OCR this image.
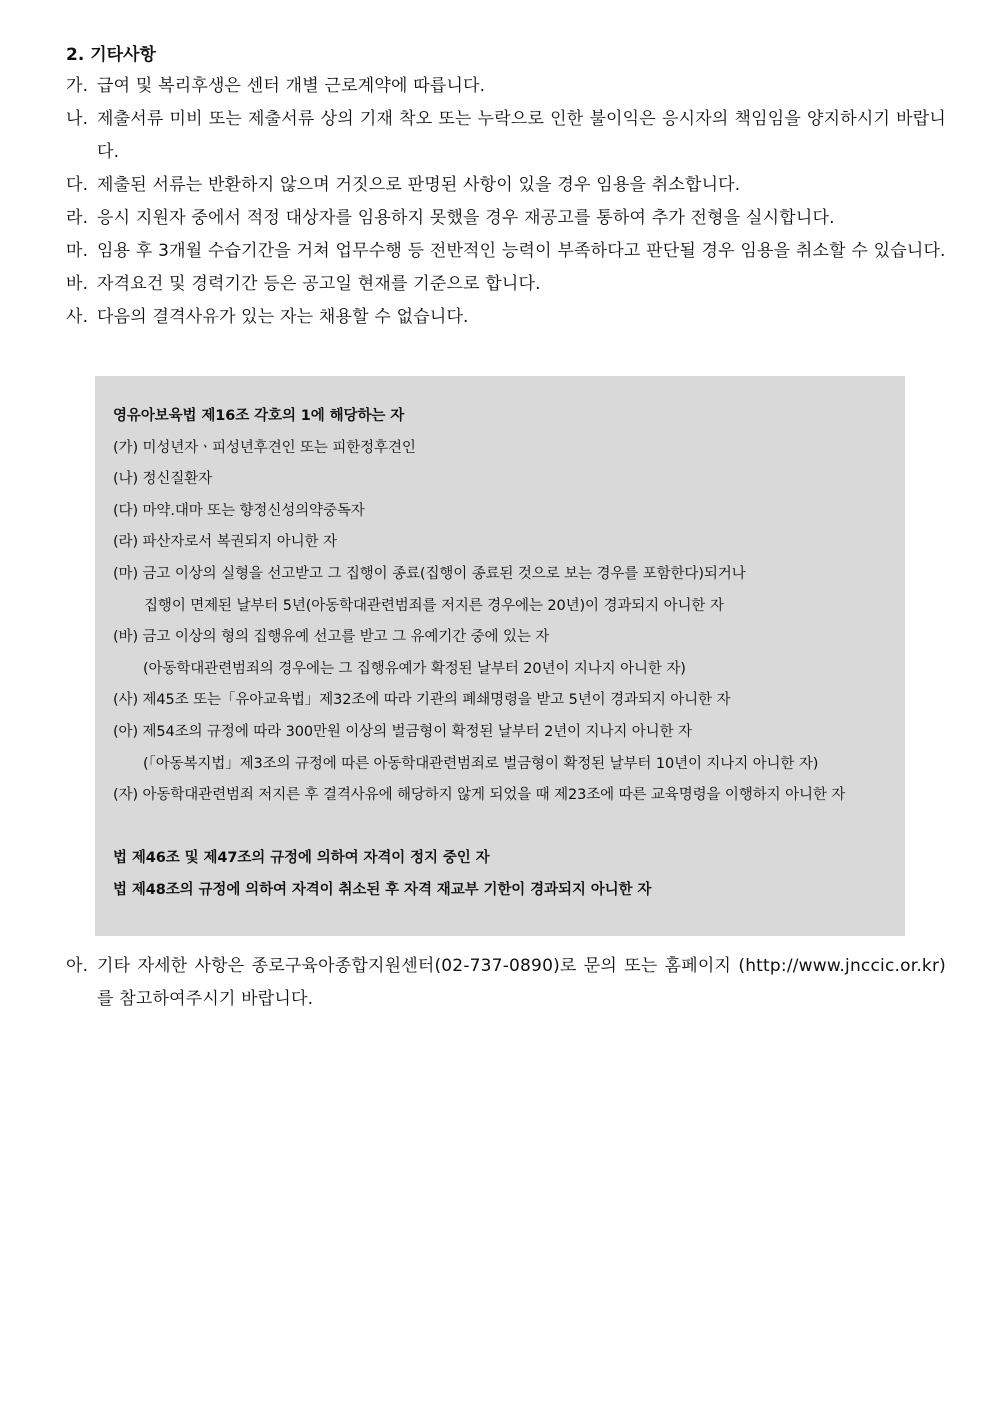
2. 기타사항
가. 급여 및 복리후생은 센터 개별 근로계약에 따릅니다.
나. 제출서류 미비 또는 제출서류 상의 기재 착오 또는 누락으로 인한 불이익은 응시자의 책임임을 양지하시기 바랍니다.
다. 제출된 서류는 반환하지 않으며 거짓으로 판명된 사항이 있을 경우 임용을 취소합니다.
라. 응시 지원자 중에서 적정 대상자를 임용하지 못했을 경우 재공고를 통하여 추가 전형을 실시합니다.
마. 임용 후 3개월 수습기간을 거쳐 업무수행 등 전반적인 능력이 부족하다고 판단될 경우 임용을 취소할 수 있습니다.
바. 자격요건 및 경력기간 등은 공고일 현재를 기준으로 합니다.
사. 다음의 결격사유가 있는 자는 채용할 수 없습니다.
영유아보육법 제16조 각호의 1에 해당하는 자
(가) 미성년자ㆍ피성년후견인 또는 피한정후견인
(나) 정신질환자
(다) 마약.대마 또는 향정신성의약중독자
(라) 파산자로서 복권되지 아니한 자
(마) 금고 이상의 실형을 선고받고 그 집행이 종료(집행이 종료된 것으로 보는 경우를 포함한다)되거나
집행이 면제된 날부터 5년(아동학대관련범죄를 저지른 경우에는 20년)이 경과되지 아니한 자
(바) 금고 이상의 형의 집행유예 선고를 받고 그 유예기간 중에 있는 자
(아동학대관련범죄의 경우에는 그 집행유예가 확정된 날부터 20년이 지나지 아니한 자)
(사) 제45조 또는「유아교육법」제32조에 따라 기관의 폐쇄명령을 받고 5년이 경과되지 아니한 자
(아) 제54조의 규정에 따라 300만원 이상의 벌금형이 확정된 날부터 2년이 지나지 아니한 자
(「아동복지법」제3조의 규정에 따른 아동학대관련범죄로 벌금형이 확정된 날부터 10년이 지나지 아니한 자)
(자) 아동학대관련범죄 저지른 후 결격사유에 해당하지 않게 되었을 때 제23조에 따른 교육명령을 이행하지 아니한 자
법 제46조 및 제47조의 규정에 의하여 자격이 정지 중인 자
법 제48조의 규정에 의하여 자격이 취소된 후 자격 재교부 기한이 경과되지 아니한 자
아. 기타 자세한 사항은 종로구육아종합지원센터(02-737-0890)로 문의 또는 홈페이지 (http://www.jnccic.or.kr)를 참고하여주시기 바랍니다.
